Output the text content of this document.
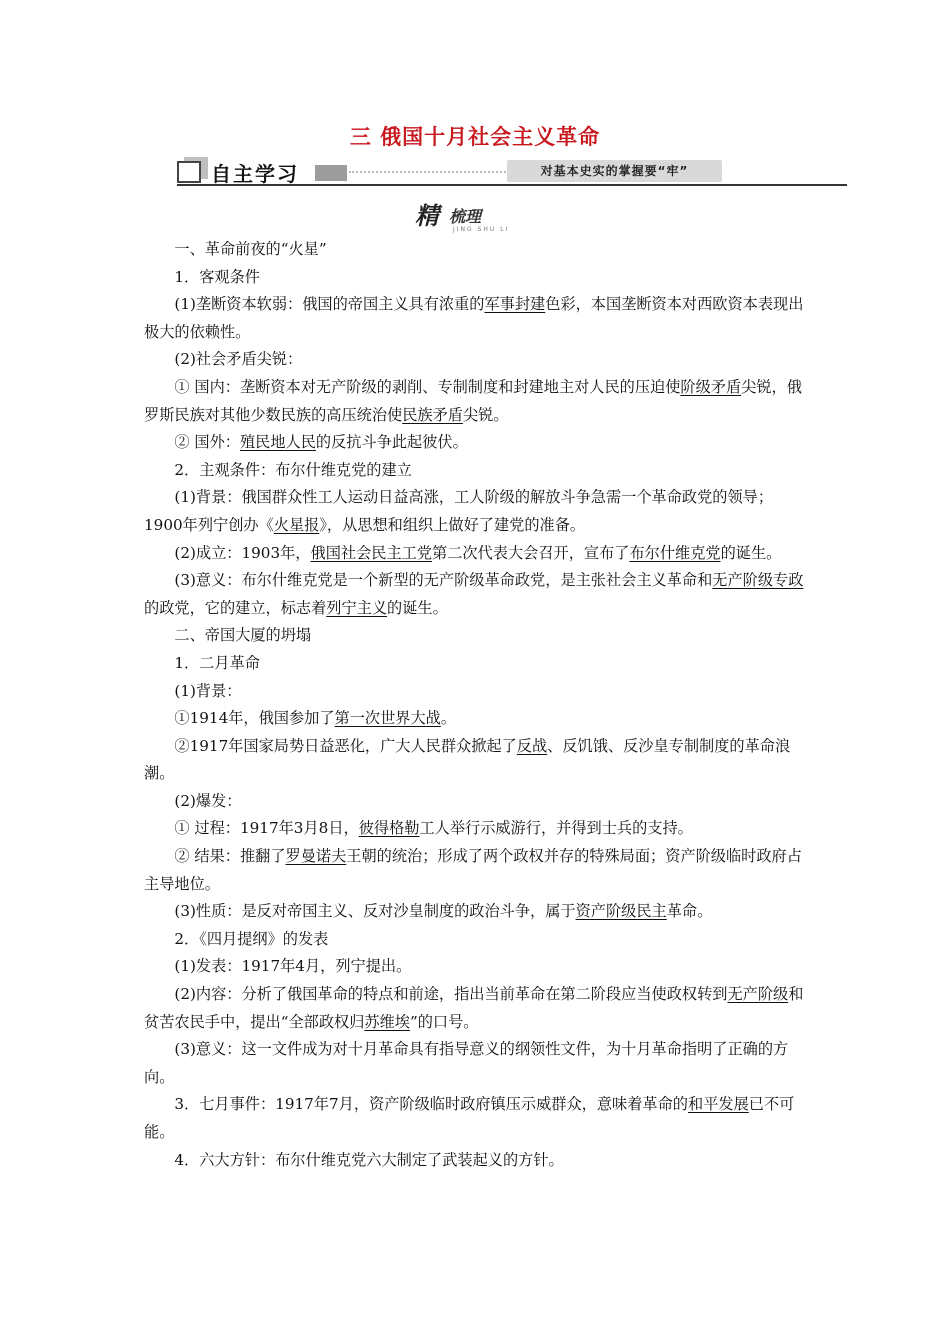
三 俄国十月社会主义革命
自主学习	对基本史实的掌握要“牢”
精 梳理
JING SHU LI

一、革命前夜的“火星”

1．客观条件

(1)垄断资本软弱：俄国的帝国主义具有浓重的军事封建色彩，本国垄断资本对西欧资本表现出极大的依赖性。

(2)社会矛盾尖锐：

① 国内：垄断资本对无产阶级的剥削、专制制度和封建地主对人民的压迫使阶级矛盾尖锐，俄罗斯民族对其他少数民族的高压统治使民族矛盾尖锐。

② 国外：殖民地人民的反抗斗争此起彼伏。

2．主观条件：布尔什维克党的建立

(1)背景：俄国群众性工人运动日益高涨，工人阶级的解放斗争急需一个革命政党的领导；1900年列宁创办《火星报》，从思想和组织上做好了建党的准备。

(2)成立：1903年，俄国社会民主工党第二次代表大会召开，宣布了布尔什维克党的诞生。

(3)意义：布尔什维克党是一个新型的无产阶级革命政党，是主张社会主义革命和无产阶级专政的政党，它的建立，标志着列宁主义的诞生。

二、帝国大厦的坍塌

1．二月革命

(1)背景：

①1914年，俄国参加了第一次世界大战。

②1917年国家局势日益恶化，广大人民群众掀起了反战、反饥饿、反沙皇专制制度的革命浪潮。

(2)爆发：

① 过程：1917年3月8日，彼得格勒工人举行示威游行，并得到士兵的支持。

② 结果：推翻了罗曼诺夫王朝的统治；形成了两个政权并存的特殊局面；资产阶级临时政府占主导地位。

(3)性质：是反对帝国主义、反对沙皇制度的政治斗争，属于资产阶级民主革命。

2．《四月提纲》的发表

(1)发表：1917年4月，列宁提出。

(2)内容：分析了俄国革命的特点和前途，指出当前革命在第二阶段应当使政权转到无产阶级和贫苦农民手中，提出“全部政权归苏维埃”的口号。

(3)意义：这一文件成为对十月革命具有指导意义的纲领性文件，为十月革命指明了正确的方向。

3．七月事件：1917年7月，资产阶级临时政府镇压示威群众，意味着革命的和平发展已不可能。

4．六大方针：布尔什维克党六大制定了武装起义的方针。
